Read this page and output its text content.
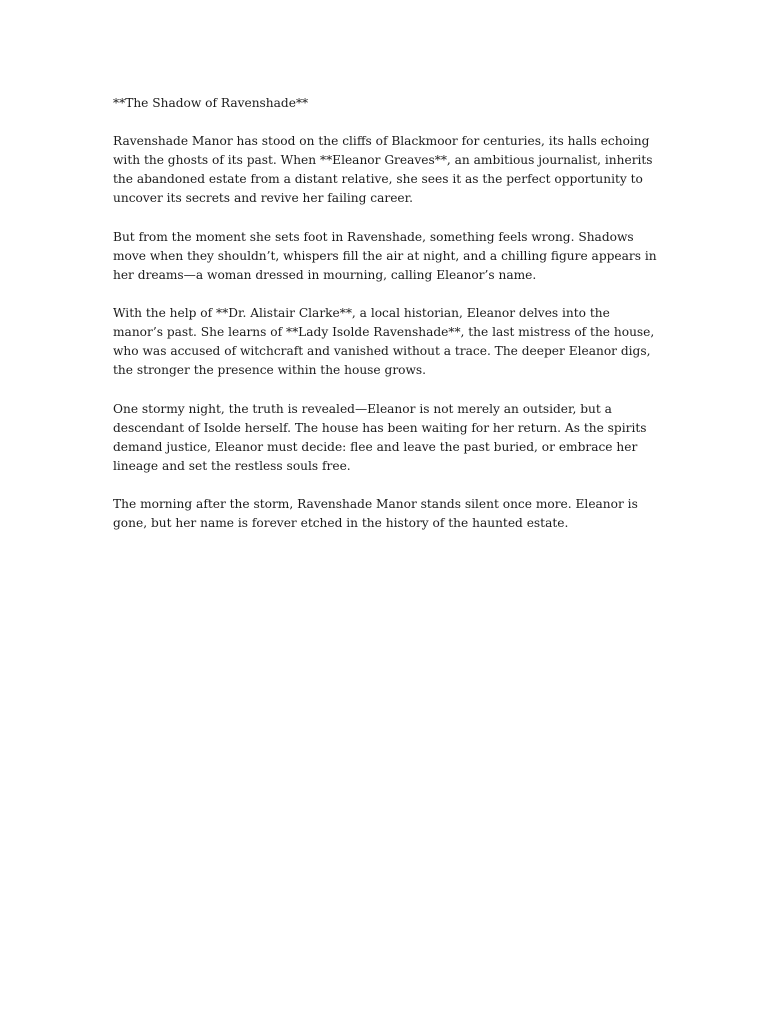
**The Shadow of Ravenshade**

Ravenshade Manor has stood on the cliffs of Blackmoor for centuries, its halls echoing with the ghosts of its past. When **Eleanor Greaves**, an ambitious journalist, inherits the abandoned estate from a distant relative, she sees it as the perfect opportunity to uncover its secrets and revive her failing career.

But from the moment she sets foot in Ravenshade, something feels wrong. Shadows move when they shouldn’t, whispers fill the air at night, and a chilling figure appears in her dreams—a woman dressed in mourning, calling Eleanor’s name.

With the help of **Dr. Alistair Clarke**, a local historian, Eleanor delves into the manor’s past. She learns of **Lady Isolde Ravenshade**, the last mistress of the house, who was accused of witchcraft and vanished without a trace. The deeper Eleanor digs, the stronger the presence within the house grows.

One stormy night, the truth is revealed—Eleanor is not merely an outsider, but a descendant of Isolde herself. The house has been waiting for her return. As the spirits demand justice, Eleanor must decide: flee and leave the past buried, or embrace her lineage and set the restless souls free.

The morning after the storm, Ravenshade Manor stands silent once more. Eleanor is gone, but her name is forever etched in the history of the haunted estate.
